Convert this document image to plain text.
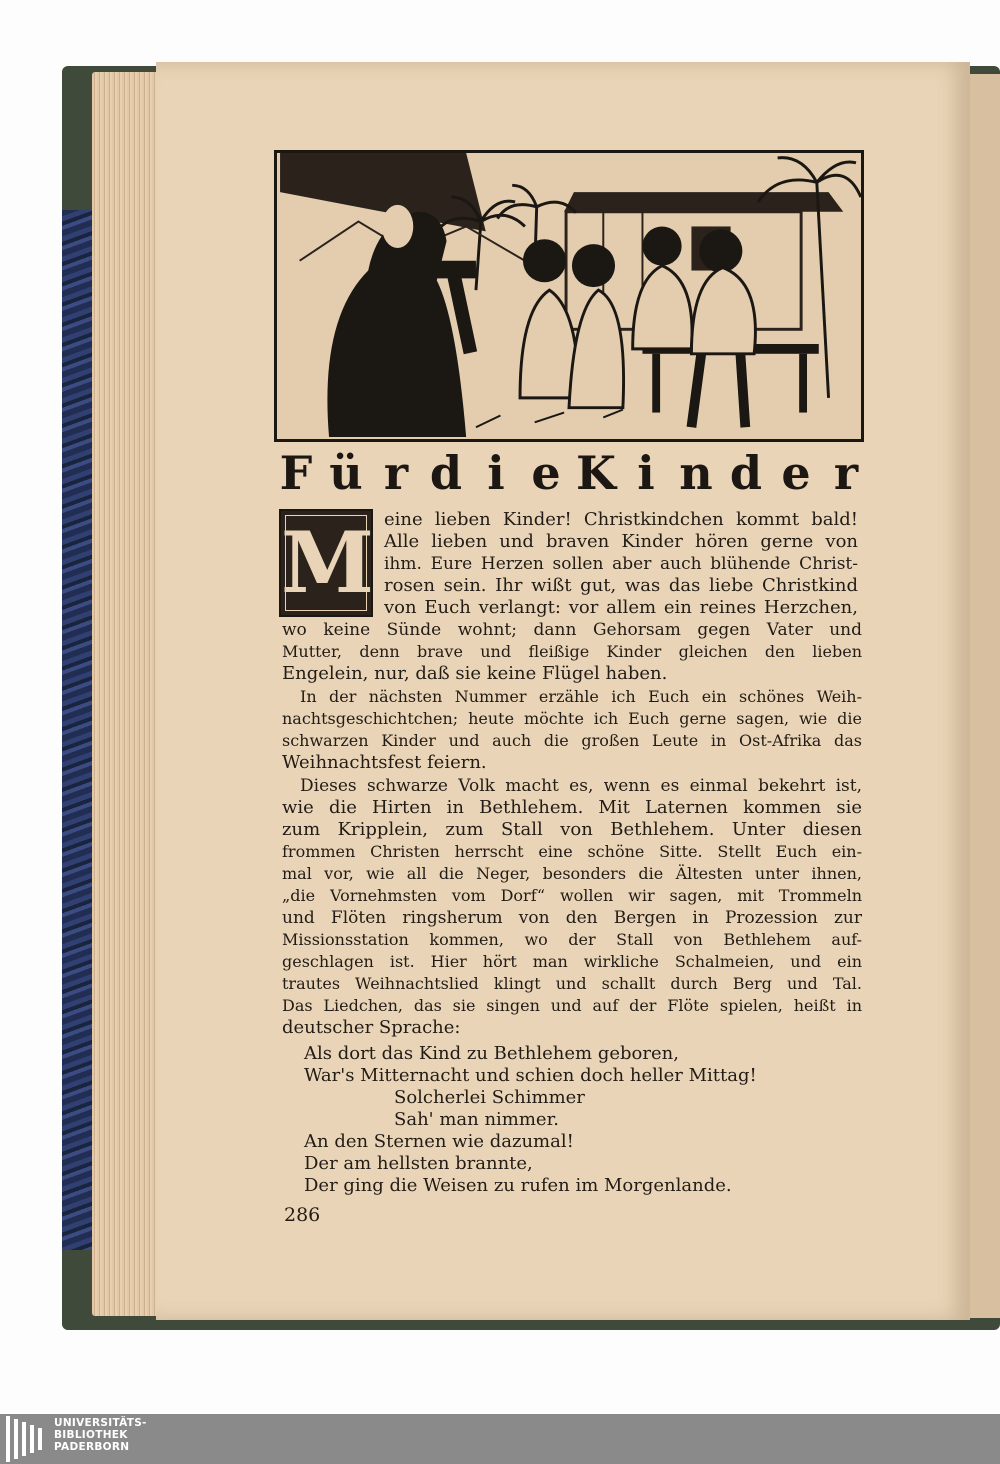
F ü r d i e K i n d e r
M eine lieben Kinder! Christkindchen kommt bald!
Alle lieben und braven Kinder hören gerne von
ihm. Eure Herzen sollen aber auch blühende Christ-
rosen sein. Ihr wißt gut, was das liebe Christkind
von Euch verlangt: vor allem ein reines Herzchen,
wo keine Sünde wohnt; dann Gehorsam gegen Vater und
Mutter, denn brave und fleißige Kinder gleichen den lieben
Engelein, nur, daß sie keine Flügel haben.
In der nächsten Nummer erzähle ich Euch ein schönes Weih-
nachtsgeschichtchen; heute möchte ich Euch gerne sagen, wie die
schwarzen Kinder und auch die großen Leute in Ost-Afrika das
Weihnachtsfest feiern.
Dieses schwarze Volk macht es, wenn es einmal bekehrt ist,
wie die Hirten in Bethlehem. Mit Laternen kommen sie
zum Kripplein, zum Stall von Bethlehem. Unter diesen
frommen Christen herrscht eine schöne Sitte. Stellt Euch ein-
mal vor, wie all die Neger, besonders die Ältesten unter ihnen,
„die Vornehmsten vom Dorf“ wollen wir sagen, mit Trommeln
und Flöten ringsherum von den Bergen in Prozession zur
Missionsstation kommen, wo der Stall von Bethlehem auf-
geschlagen ist. Hier hört man wirkliche Schalmeien, und ein
trautes Weihnachtslied klingt und schallt durch Berg und Tal.
Das Liedchen, das sie singen und auf der Flöte spielen, heißt in
deutscher Sprache:
Als dort das Kind zu Bethlehem geboren,
War's Mitternacht und schien doch heller Mittag!
Solcherlei Schimmer
Sah' man nimmer.
An den Sternen wie dazumal!
Der am hellsten brannte,
Der ging die Weisen zu rufen im Morgenlande.
286
UNIVERSITÄTS-
BIBLIOTHEK
PADERBORN
